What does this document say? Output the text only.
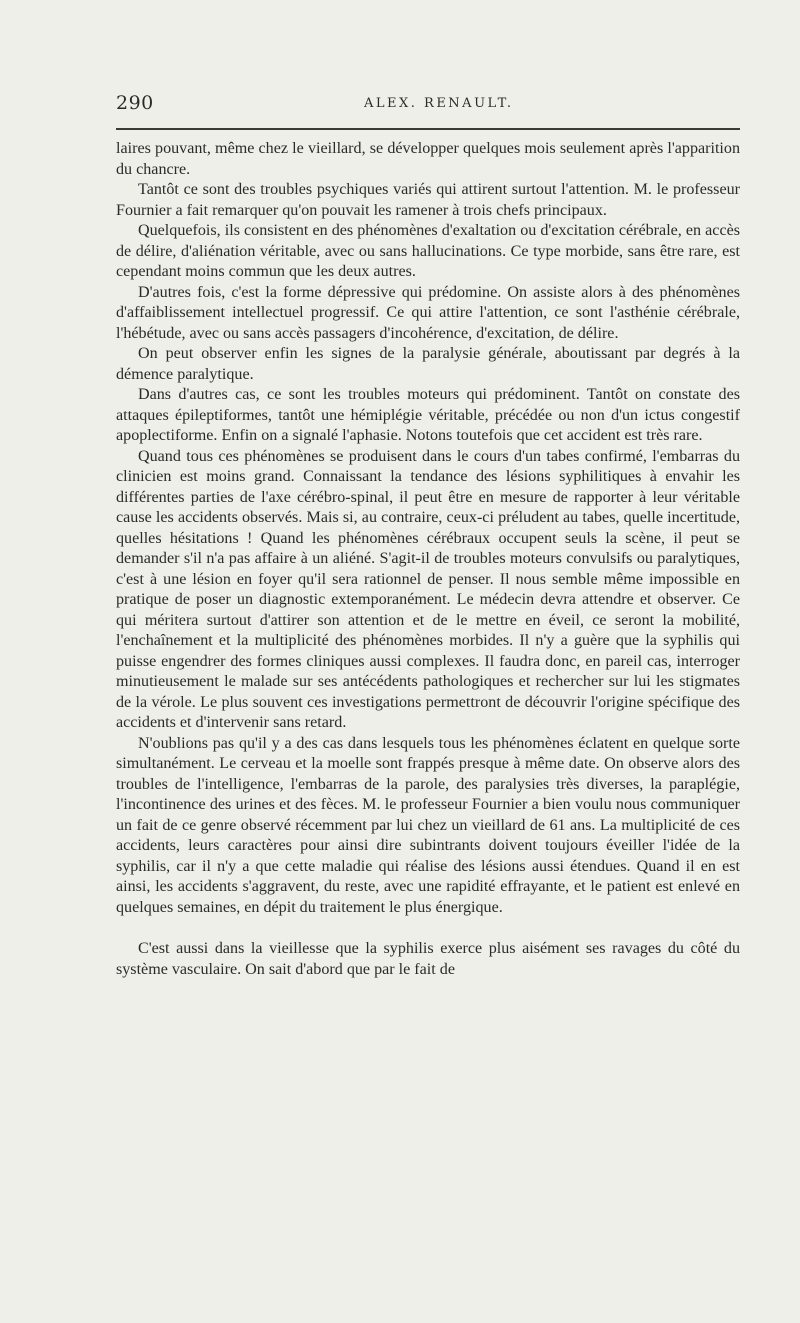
290	ALEX. RENAULT.

laires pouvant, même chez le vieillard, se développer quelques mois seulement après l'apparition du chancre.

Tantôt ce sont des troubles psychiques variés qui attirent surtout l'attention. M. le professeur Fournier a fait remarquer qu'on pouvait les ramener à trois chefs principaux.

Quelquefois, ils consistent en des phénomènes d'exaltation ou d'excitation cérébrale, en accès de délire, d'aliénation véritable, avec ou sans hallucinations. Ce type morbide, sans être rare, est cependant moins commun que les deux autres.

D'autres fois, c'est la forme dépressive qui prédomine. On assiste alors à des phénomènes d'affaiblissement intellectuel progressif. Ce qui attire l'attention, ce sont l'asthénie cérébrale, l'hébétude, avec ou sans accès passagers d'incohérence, d'excitation, de délire.

On peut observer enfin les signes de la paralysie générale, aboutissant par degrés à la démence paralytique.

Dans d'autres cas, ce sont les troubles moteurs qui prédominent. Tantôt on constate des attaques épileptiformes, tantôt une hémiplégie véritable, précédée ou non d'un ictus congestif apoplectiforme. Enfin on a signalé l'aphasie. Notons toutefois que cet accident est très rare.

Quand tous ces phénomènes se produisent dans le cours d'un tabes confirmé, l'embarras du clinicien est moins grand. Connaissant la tendance des lésions syphilitiques à envahir les différentes parties de l'axe cérébro-spinal, il peut être en mesure de rapporter à leur véritable cause les accidents observés. Mais si, au contraire, ceux-ci préludent au tabes, quelle incertitude, quelles hésitations ! Quand les phénomènes cérébraux occupent seuls la scène, il peut se demander s'il n'a pas affaire à un aliéné. S'agit-il de troubles moteurs convulsifs ou paralytiques, c'est à une lésion en foyer qu'il sera rationnel de penser. Il nous semble même impossible en pratique de poser un diagnostic extemporanément. Le médecin devra attendre et observer. Ce qui méritera surtout d'attirer son attention et de le mettre en éveil, ce seront la mobilité, l'enchaînement et la multiplicité des phénomènes morbides. Il n'y a guère que la syphilis qui puisse engendrer des formes cliniques aussi complexes. Il faudra donc, en pareil cas, interroger minutieusement le malade sur ses antécédents pathologiques et rechercher sur lui les stigmates de la vérole. Le plus souvent ces investigations permettront de découvrir l'origine spécifique des accidents et d'intervenir sans retard.

N'oublions pas qu'il y a des cas dans lesquels tous les phénomènes éclatent en quelque sorte simultanément. Le cerveau et la moelle sont frappés presque à même date. On observe alors des troubles de l'intelligence, l'embarras de la parole, des paralysies très diverses, la paraplégie, l'incontinence des urines et des fèces. M. le professeur Fournier a bien voulu nous communiquer un fait de ce genre observé récemment par lui chez un vieillard de 61 ans. La multiplicité de ces accidents, leurs caractères pour ainsi dire subintrants doivent toujours éveiller l'idée de la syphilis, car il n'y a que cette maladie qui réalise des lésions aussi étendues. Quand il en est ainsi, les accidents s'aggravent, du reste, avec une rapidité effrayante, et le patient est enlevé en quelques semaines, en dépit du traitement le plus énergique.

C'est aussi dans la vieillesse que la syphilis exerce plus aisément ses ravages du côté du système vasculaire. On sait d'abord que par le fait de
